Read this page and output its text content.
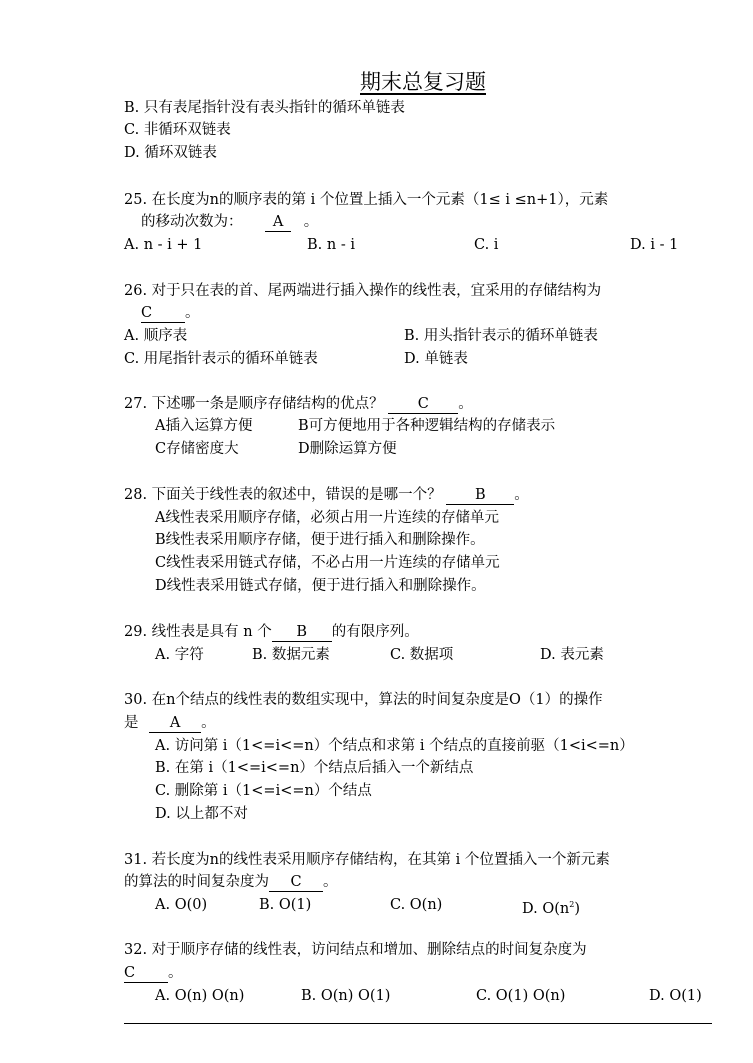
期末总复习题
B. 只有表尾指针没有表头指针的循环单链表
C. 非循环双链表
D. 循环双链表
25. 在长度为n的顺序表的第 i 个位置上插入一个元素（1≤ i ≤n+1），元素
的移动次数为： A 。
A. n - i + 1	B. n - i	C. i	D. i - 1
26. 对于只在表的首、尾两端进行插入操作的线性表，宜采用的存储结构为
C 。
A. 顺序表	B. 用头指针表示的循环单链表
C. 用尾指针表示的循环单链表	D. 单链表
27. 下述哪一条是顺序存储结构的优点？ C 。
A插入运算方便	B可方便地用于各种逻辑结构的存储表示
C存储密度大	D删除运算方便
28. 下面关于线性表的叙述中，错误的是哪一个？ B 。
A线性表采用顺序存储，必须占用一片连续的存储单元
B线性表采用顺序存储，便于进行插入和删除操作。
C线性表采用链式存储，不必占用一片连续的存储单元
D线性表采用链式存储，便于进行插入和删除操作。
29. 线性表是具有 n 个 B 的有限序列。
A. 字符	B. 数据元素	C. 数据项	D. 表元素
30. 在n个结点的线性表的数组实现中，算法的时间复杂度是O（1）的操作
是 A 。
A. 访问第 i（1<=i<=n）个结点和求第 i 个结点的直接前驱（1<i<=n）
B. 在第 i（1<=i<=n）个结点后插入一个新结点
C. 删除第 i（1<=i<=n）个结点
D. 以上都不对
31. 若长度为n的线性表采用顺序存储结构，在其第 i 个位置插入一个新元素
的算法的时间复杂度为 C 。
A. O(0)	B. O(1)	C. O(n)	D. $O(n^2)$
32. 对于顺序存储的线性表，访问结点和增加、删除结点的时间复杂度为
C 。
A. O(n) O(n)	B. O(n) O(1)	C. O(1) O(n)	D. O(1)
